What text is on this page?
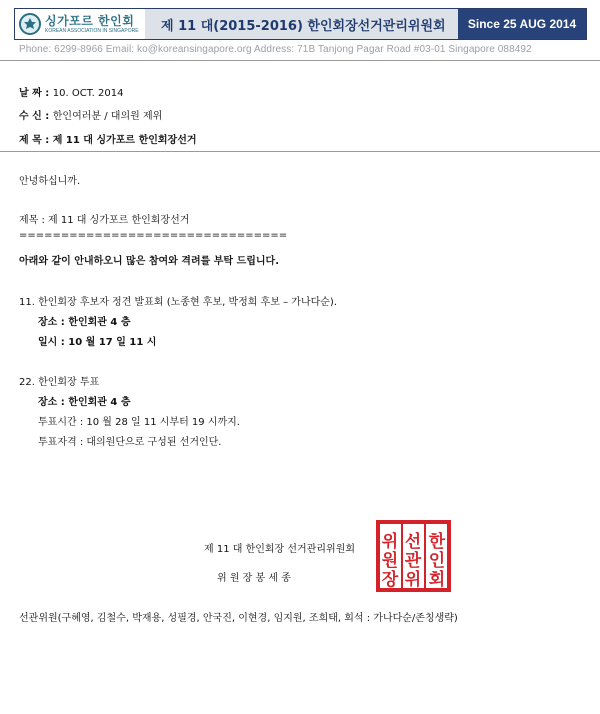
싱가포르 한인회
KOREAN ASSOCIATION IN SINGAPORE 제 11 대(2015-2016) 한인회장선거관리위원회 Since 25 AUG 2014
Phone: 6299-8966 Email: ko@koreansingapore.org Address: 71B Tanjong Pagar Road #03-01 Singapore 088492
날 짜 : 10. OCT. 2014
수 신 : 한인여러분 / 대의원 제위
제 목 : 제 11 대 싱가포르 한인회장선거
안녕하십니까.
제목 : 제 11 대 싱가포르 한인회장선거
================================
아래와 같이 안내하오니 많은 참여와 격려를 부탁 드립니다.
11. 한인회장 후보자 정견 발표회 (노종현 후보, 박정희 후보 – 가나다순).
장소 : 한인회관 4 층
일시 : 10 월 17 일 11 시
22. 한인회장 투표
장소 : 한인회관 4 층
투표시간 : 10 월 28 일 11 시부터 19 시까지.
투표자격 : 대의원단으로 구성된 선거인단.
제 11 대 한인회장 선거관리위원회
위 원 장 봉 세 종
위
원
장
선
관
위
한
인
회
선관위원(구혜영, 김철수, 박재용, 성필경, 안국진, 이현경, 임지원, 조희태, 회석 : 가나다순/존칭생략)
